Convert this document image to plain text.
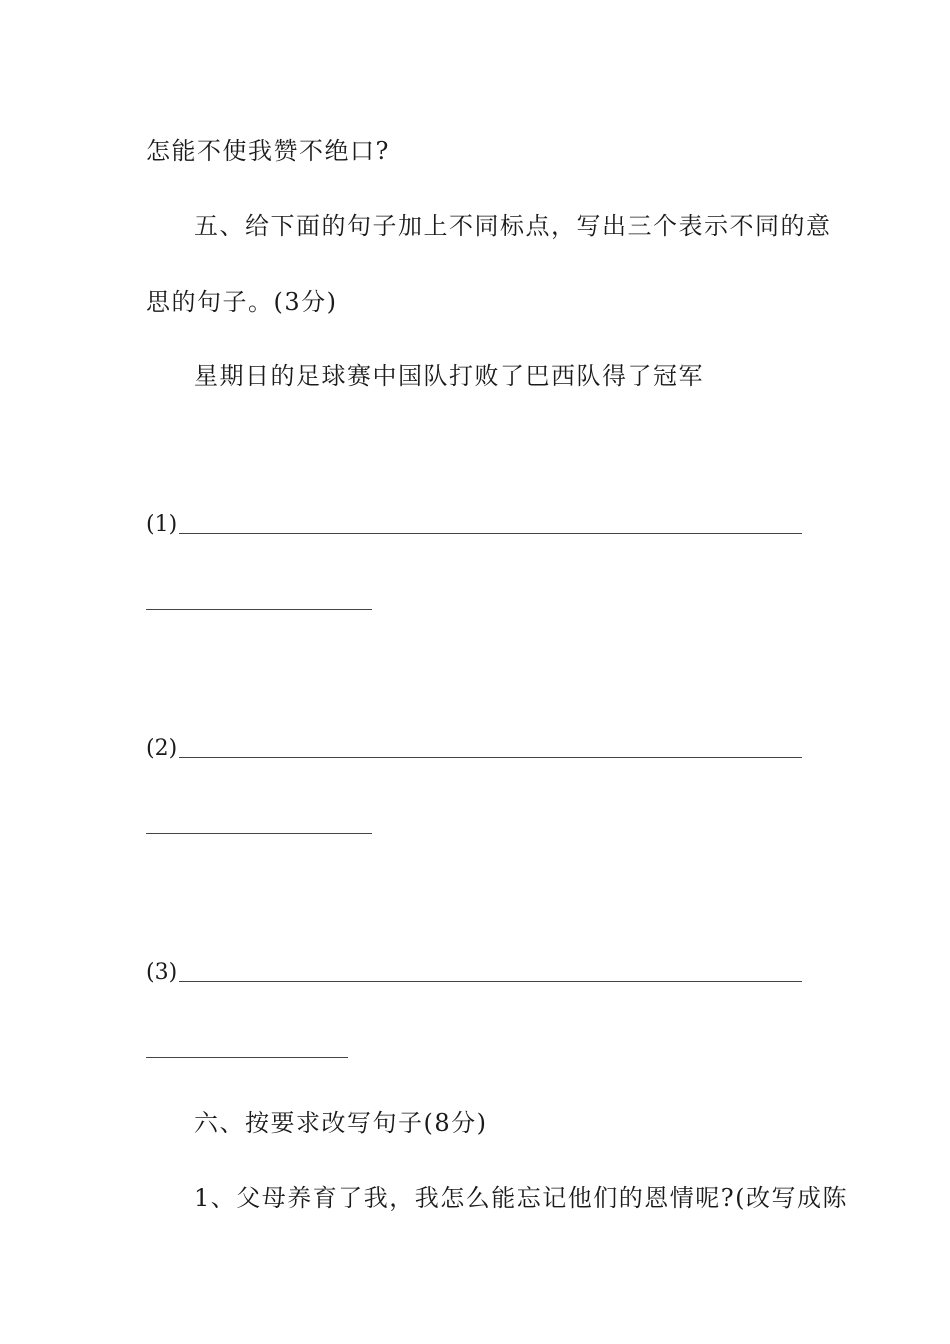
怎能不使我赞不绝口?
五、给下面的句子加上不同标点，写出三个表示不同的意
思的句子。(3分)
星期日的足球赛中国队打败了巴西队得了冠军
(1)
(2)
(3)
六、按要求改写句子(8分)
1、父母养育了我，我怎么能忘记他们的恩情呢?(改写成陈
